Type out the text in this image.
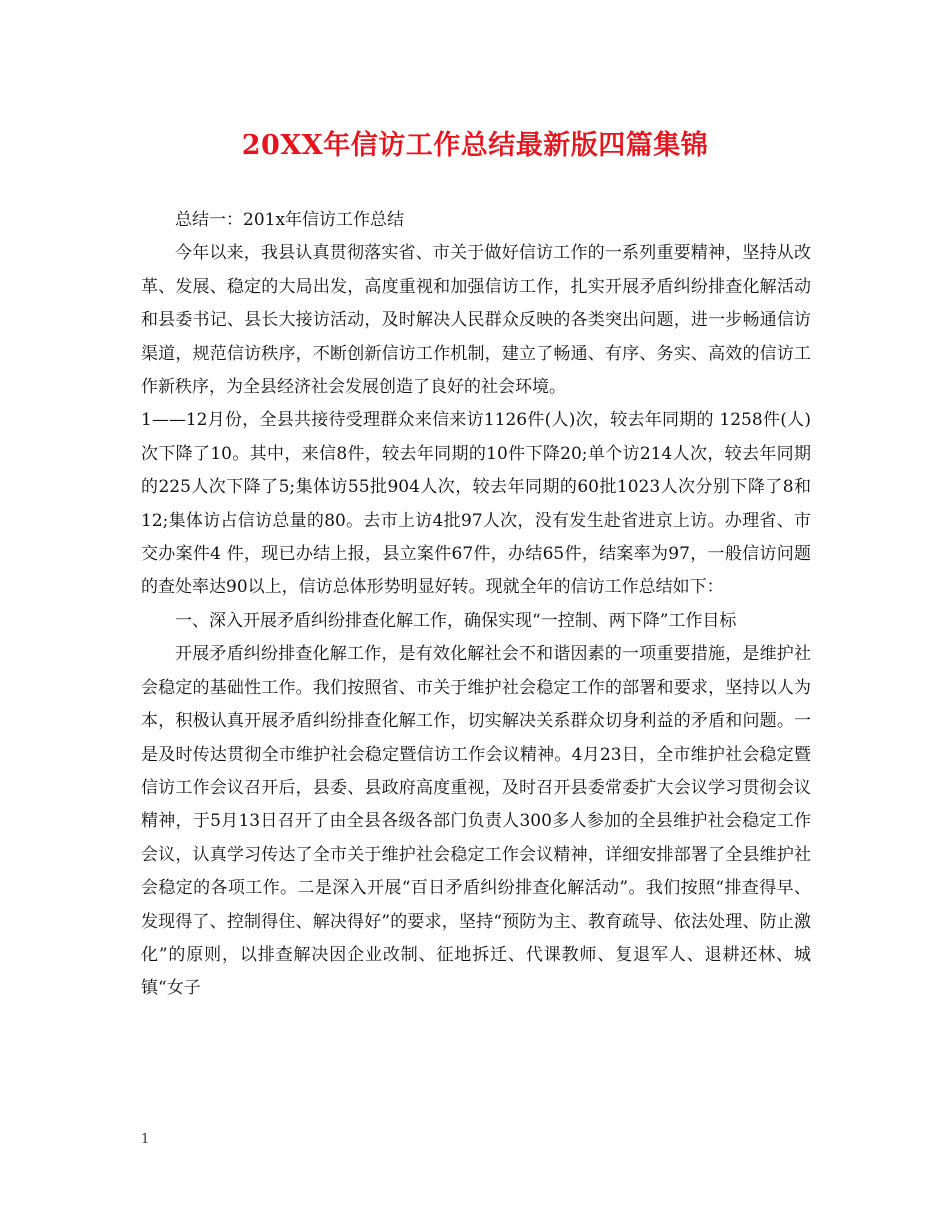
20XX年信访工作总结最新版四篇集锦

总结一：201x年信访工作总结

今年以来，我县认真贯彻落实省、市关于做好信访工作的一系列重要精神，坚持从改革、发展、稳定的大局出发，高度重视和加强信访工作，扎实开展矛盾纠纷排查化解活动和县委书记、县长大接访活动，及时解决人民群众反映的各类突出问题，进一步畅通信访渠道，规范信访秩序，不断创新信访工作机制，建立了畅通、有序、务实、高效的信访工作新秩序，为全县经济社会发展创造了良好的社会环境。

1——12月份，全县共接待受理群众来信来访1126件(人)次，较去年同期的 1258件(人)次下降了10。其中，来信8件，较去年同期的10件下降20;单个访214人次，较去年同期的225人次下降了5;集体访55批904人次，较去年同期的60批1023人次分别下降了8和12;集体访占信访总量的80。去市上访4批97人次，没有发生赴省进京上访。办理省、市交办案件4 件，现已办结上报，县立案件67件，办结65件，结案率为97，一般信访问题的查处率达90以上，信访总体形势明显好转。现就全年的信访工作总结如下：

一、深入开展矛盾纠纷排查化解工作，确保实现“一控制、两下降”工作目标

开展矛盾纠纷排查化解工作，是有效化解社会不和谐因素的一项重要措施，是维护社会稳定的基础性工作。我们按照省、市关于维护社会稳定工作的部署和要求，坚持以人为本，积极认真开展矛盾纠纷排查化解工作，切实解决关系群众切身利益的矛盾和问题。一是及时传达贯彻全市维护社会稳定暨信访工作会议精神。4月23日，全市维护社会稳定暨信访工作会议召开后，县委、县政府高度重视，及时召开县委常委扩大会议学习贯彻会议精神，于5月13日召开了由全县各级各部门负责人300多人参加的全县维护社会稳定工作会议，认真学习传达了全市关于维护社会稳定工作会议精神，详细安排部署了全县维护社会稳定的各项工作。二是深入开展“百日矛盾纠纷排查化解活动”。我们按照“排查得早、发现得了、控制得住、解决得好”的要求，坚持“预防为主、教育疏导、依法处理、防止激化”的原则，以排查解决因企业改制、征地拆迁、代课教师、复退军人、退耕还林、城镇“女子

1
